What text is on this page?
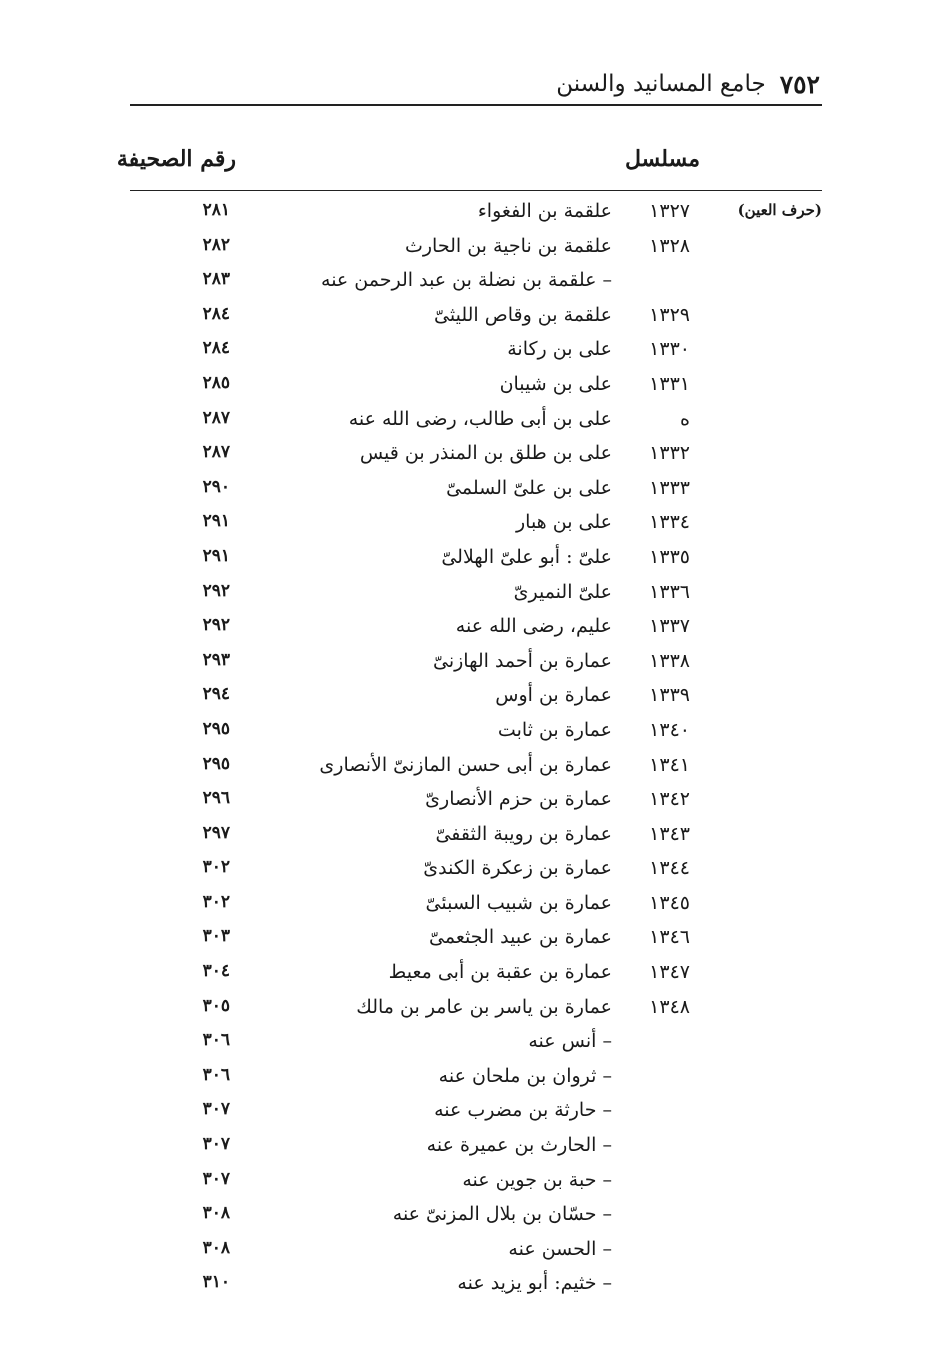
٧٥٢
جامع المسانيد والسنن
مسلسل
رقم الصحيفة
(حرف العين)
١٣٢٧
علقمة بن الفغواء
٢٨١
١٣٢٨
علقمة بن ناجية بن الحارث
٢٨٢
– علقمة بن نضلة بن عبد الرحمن عنه
٢٨٣
١٣٢٩
علقمة بن وقاص الليثىّ
٢٨٤
١٣٣٠
على بن ركانة
٢٨٤
١٣٣١
على بن شيبان
٢٨٥
ه
على بن أبى طالب، رضى الله عنه
٢٨٧
١٣٣٢
على بن طلق بن المنذر بن قيس
٢٨٧
١٣٣٣
على بن علىّ السلمىّ
٢٩٠
١٣٣٤
على بن هبار
٢٩١
١٣٣٥
علىّ : أبو علىّ الهلالىّ
٢٩١
١٣٣٦
علىّ النميرىّ
٢٩٢
١٣٣٧
عليم، رضى الله عنه
٢٩٢
١٣٣٨
عمارة بن أحمد الهازنىّ
٢٩٣
١٣٣٩
عمارة بن أوس
٢٩٤
١٣٤٠
عمارة بن ثابت
٢٩٥
١٣٤١
عمارة بن أبى حسن المازنىّ الأنصارى
٢٩٥
١٣٤٢
عمارة بن حزم الأنصارىّ
٢٩٦
١٣٤٣
عمارة بن رويبة الثقفىّ
٢٩٧
١٣٤٤
عمارة بن زعكرة الكندىّ
٣٠٢
١٣٤٥
عمارة بن شبيب السبئىّ
٣٠٢
١٣٤٦
عمارة بن عبيد الجثعمىّ
٣٠٣
١٣٤٧
عمارة بن عقبة بن أبى معيط
٣٠٤
١٣٤٨
عمارة بن ياسر بن عامر بن مالك
٣٠٥
– أنس عنه
٣٠٦
– ثروان بن ملحان عنه
٣٠٦
– حارثة بن مضرب عنه
٣٠٧
– الحارث بن عميرة عنه
٣٠٧
– حبة بن جوين عنه
٣٠٧
– حسّان بن بلال المزنىّ عنه
٣٠٨
– الحسن عنه
٣٠٨
– خثيم: أبو يزيد عنه
٣١٠
